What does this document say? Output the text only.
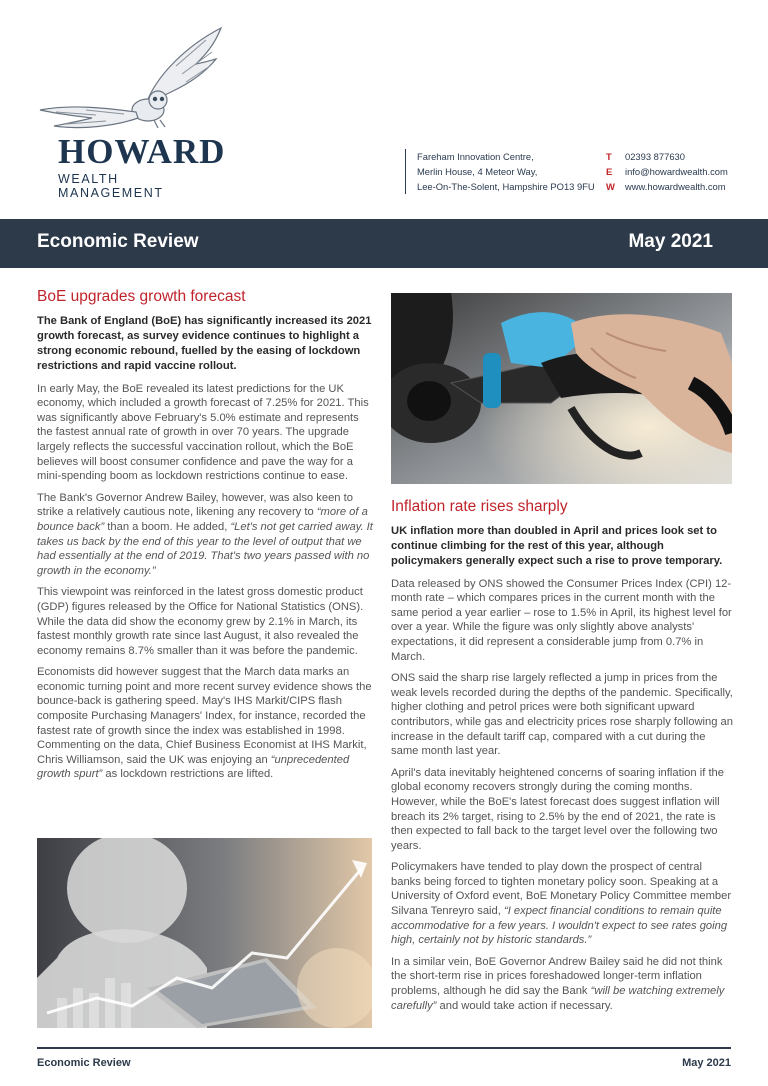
HOWARD
WEALTH MANAGEMENT
Fareham Innovation Centre,
Merlin House, 4 Meteor Way,
Lee-On-The-Solent, Hampshire PO13 9FU
T 02393 877630
E info@howardwealth.com
W www.howardwealth.com
Economic Review	May 2021
BoE upgrades growth forecast
The Bank of England (BoE) has significantly increased its 2021 growth forecast, as survey evidence continues to highlight a strong economic rebound, fuelled by the easing of lockdown restrictions and rapid vaccine rollout.

In early May, the BoE revealed its latest predictions for the UK economy, which included a growth forecast of 7.25% for 2021. This was significantly above February's 5.0% estimate and represents the fastest annual rate of growth in over 70 years. The upgrade largely reflects the successful vaccination rollout, which the BoE believes will boost consumer confidence and pave the way for a mini-spending boom as lockdown restrictions continue to ease.

The Bank's Governor Andrew Bailey, however, was also keen to strike a relatively cautious note, likening any recovery to “more of a bounce back” than a boom. He added, “Let's not get carried away. It takes us back by the end of this year to the level of output that we had essentially at the end of 2019. That's two years passed with no growth in the economy.”

This viewpoint was reinforced in the latest gross domestic product (GDP) figures released by the Office for National Statistics (ONS). While the data did show the economy grew by 2.1% in March, its fastest monthly growth rate since last August, it also revealed the economy remains 8.7% smaller than it was before the pandemic.

Economists did however suggest that the March data marks an economic turning point and more recent survey evidence shows the bounce-back is gathering speed. May's IHS Markit/CIPS flash composite Purchasing Managers' Index, for instance, recorded the fastest rate of growth since the index was established in 1998. Commenting on the data, Chief Business Economist at IHS Markit, Chris Williamson, said the UK was enjoying an “unprecedented growth spurt” as lockdown restrictions are lifted.

Inflation rate rises sharply
UK inflation more than doubled in April and prices look set to continue climbing for the rest of this year, although policymakers generally expect such a rise to prove temporary.

Data released by ONS showed the Consumer Prices Index (CPI) 12-month rate – which compares prices in the current month with the same period a year earlier – rose to 1.5% in April, its highest level for over a year. While the figure was only slightly above analysts' expectations, it did represent a considerable jump from 0.7% in March.

ONS said the sharp rise largely reflected a jump in prices from the weak levels recorded during the depths of the pandemic. Specifically, higher clothing and petrol prices were both significant upward contributors, while gas and electricity prices rose sharply following an increase in the default tariff cap, compared with a cut during the same month last year.

April's data inevitably heightened concerns of soaring inflation if the global economy recovers strongly during the coming months. However, while the BoE's latest forecast does suggest inflation will breach its 2% target, rising to 2.5% by the end of 2021, the rate is then expected to fall back to the target level over the following two years.

Policymakers have tended to play down the prospect of central banks being forced to tighten monetary policy soon. Speaking at a University of Oxford event, BoE Monetary Policy Committee member Silvana Tenreyro said, “I expect financial conditions to remain quite accommodative for a few years. I wouldn't expect to see rates going high, certainly not by historic standards.”

In a similar vein, BoE Governor Andrew Bailey said he did not think the short-term rise in prices foreshadowed longer-term inflation problems, although he did say the Bank “will be watching extremely carefully” and would take action if necessary.

Economic Review	May 2021
